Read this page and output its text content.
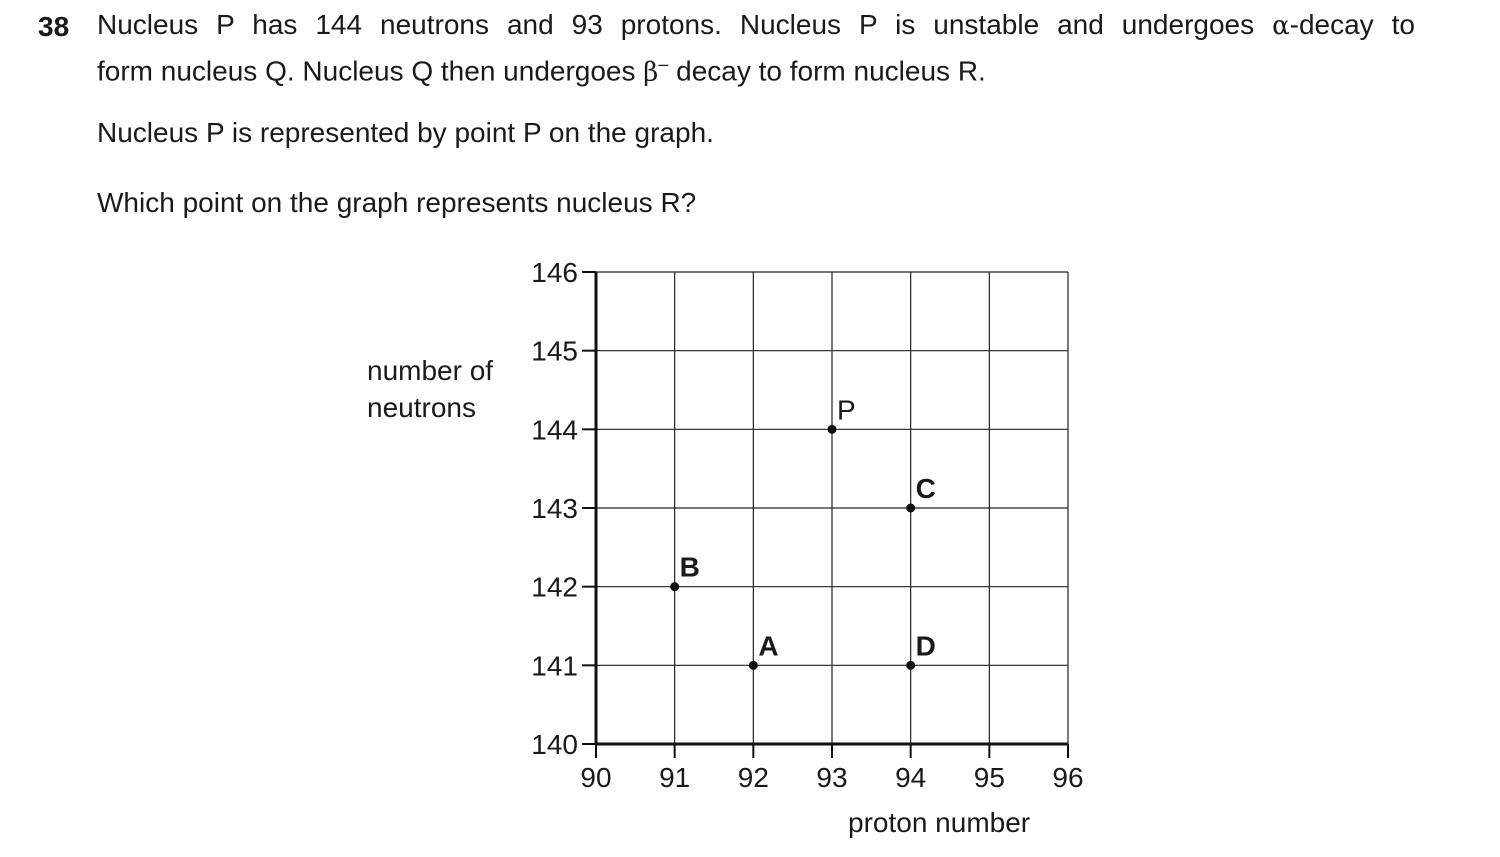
38 Nucleus P has 144 neutrons and 93 protons. Nucleus P is unstable and undergoes α-decay to
form nucleus Q. Nucleus Q then undergoes β– decay to form nucleus R.
Nucleus P is represented by point P on the graph.
Which point on the graph represents nucleus R?
number of
neutrons
proton number
90 91 92 93 94 95 96
140
141
142
143
144
145
146
P
C
B
A	D
